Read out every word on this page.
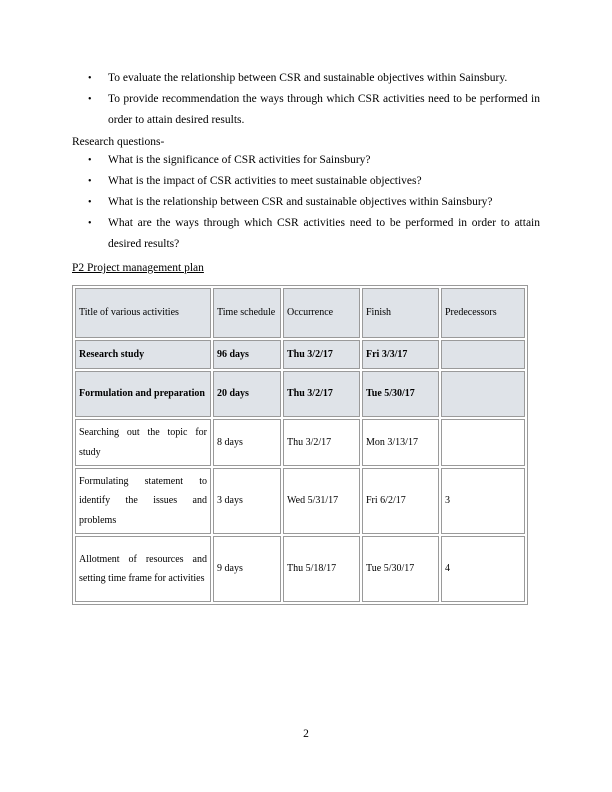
• To evaluate the relationship between CSR and sustainable objectives within Sainsbury.
• To provide recommendation the ways through which CSR activities need to be performed in order to attain desired results.
Research questions-
• What is the significance of CSR activities for Sainsbury?
• What is the impact of CSR activities to meet sustainable objectives?
• What is the relationship between CSR and sustainable objectives within Sainsbury?
• What are the ways through which CSR activities need to be performed in order to attain desired results?
P2 Project management plan
Title of various activities	Time schedule	Occurrence	Finish	Predecessors
Research study	96 days	Thu 3/2/17	Fri 3/3/17	
Formulation and preparation	20 days	Thu 3/2/17	Tue 5/30/17	
Searching out the topic for study	8 days	Thu 3/2/17	Mon 3/13/17	
Formulating statement to identify the issues and problems	3 days	Wed 5/31/17	Fri 6/2/17	3
Allotment of resources and setting time frame for activities	9 days	Thu 5/18/17	Tue 5/30/17	4
2
